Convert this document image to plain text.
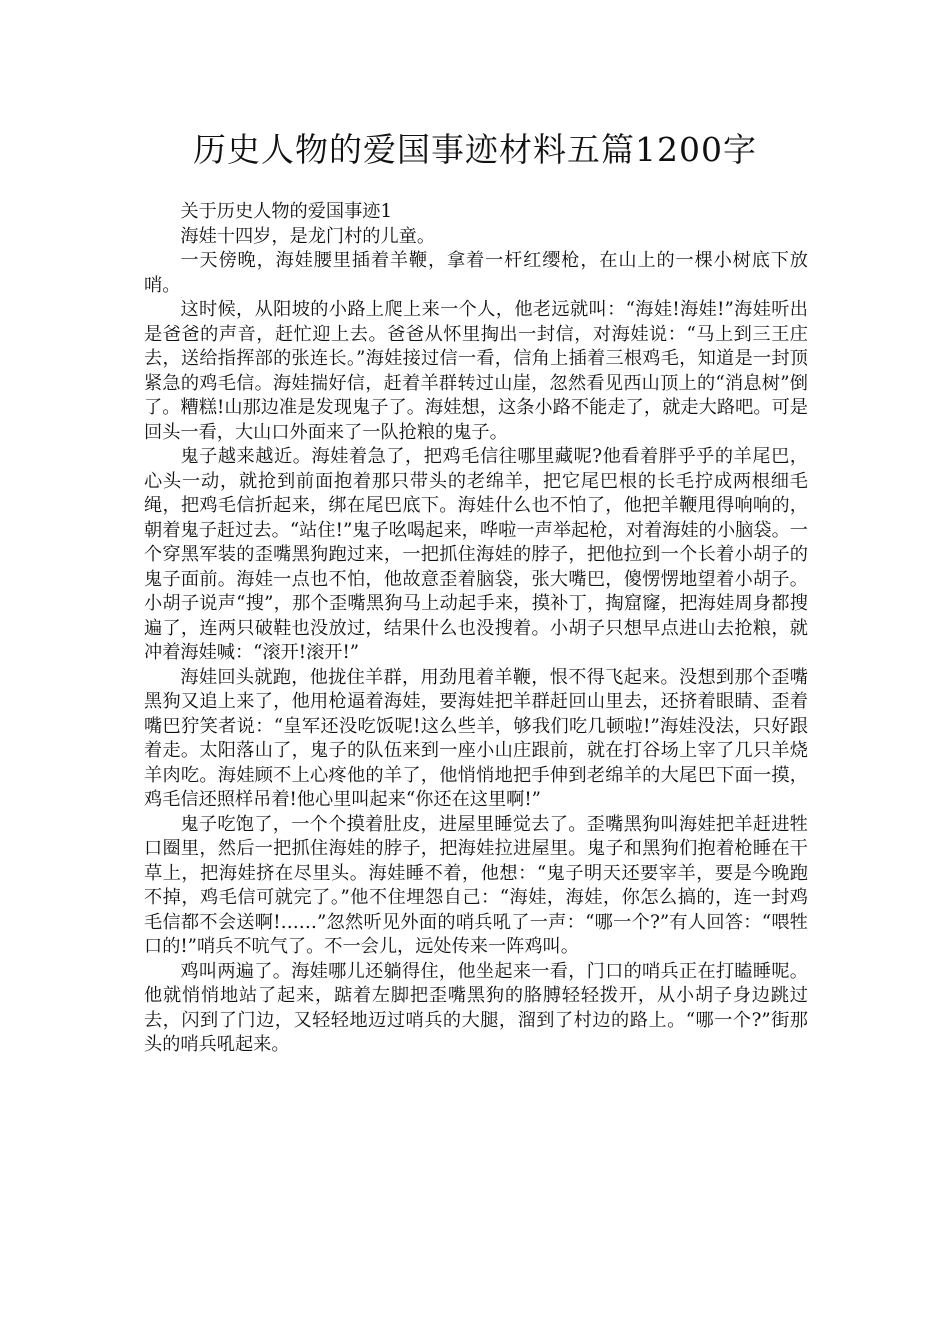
历史人物的爱国事迹材料五篇1200字

关于历史人物的爱国事迹1

海娃十四岁，是龙门村的儿童。

一天傍晚，海娃腰里插着羊鞭，拿着一杆红缨枪，在山上的一棵小树底下放哨。

这时候，从阳坡的小路上爬上来一个人，他老远就叫：“海娃!海娃!”海娃听出是爸爸的声音，赶忙迎上去。爸爸从怀里掏出一封信，对海娃说：“马上到三王庄去，送给指挥部的张连长。”海娃接过信一看，信角上插着三根鸡毛，知道是一封顶紧急的鸡毛信。海娃揣好信，赶着羊群转过山崖，忽然看见西山顶上的“消息树”倒了。糟糕!山那边准是发现鬼子了。海娃想，这条小路不能走了，就走大路吧。可是回头一看，大山口外面来了一队抢粮的鬼子。

鬼子越来越近。海娃着急了，把鸡毛信往哪里藏呢?他看着胖乎乎的羊尾巴，心头一动，就抢到前面抱着那只带头的老绵羊，把它尾巴根的长毛拧成两根细毛绳，把鸡毛信折起来，绑在尾巴底下。海娃什么也不怕了，他把羊鞭甩得响响的，朝着鬼子赶过去。“站住!”鬼子吆喝起来，哗啦一声举起枪，对着海娃的小脑袋。一个穿黑军装的歪嘴黑狗跑过来，一把抓住海娃的脖子，把他拉到一个长着小胡子的鬼子面前。海娃一点也不怕，他故意歪着脑袋，张大嘴巴，傻愣愣地望着小胡子。小胡子说声“搜”，那个歪嘴黑狗马上动起手来，摸补丁，掏窟窿，把海娃周身都搜遍了，连两只破鞋也没放过，结果什么也没搜着。小胡子只想早点进山去抢粮，就冲着海娃喊：“滚开!滚开!”

海娃回头就跑，他拢住羊群，用劲甩着羊鞭，恨不得飞起来。没想到那个歪嘴黑狗又追上来了，他用枪逼着海娃，要海娃把羊群赶回山里去，还挤着眼睛、歪着嘴巴狞笑者说：“皇军还没吃饭呢!这么些羊，够我们吃几顿啦!”海娃没法，只好跟着走。太阳落山了，鬼子的队伍来到一座小山庄跟前，就在打谷场上宰了几只羊烧羊肉吃。海娃顾不上心疼他的羊了，他悄悄地把手伸到老绵羊的大尾巴下面一摸，鸡毛信还照样吊着!他心里叫起来“你还在这里啊!”

鬼子吃饱了，一个个摸着肚皮，进屋里睡觉去了。歪嘴黑狗叫海娃把羊赶进牲口圈里，然后一把抓住海娃的脖子，把海娃拉进屋里。鬼子和黑狗们抱着枪睡在干草上，把海娃挤在尽里头。海娃睡不着，他想：“鬼子明天还要宰羊，要是今晚跑不掉，鸡毛信可就完了。”他不住埋怨自己：“海娃，海娃，你怎么搞的，连一封鸡毛信都不会送啊!……”忽然听见外面的哨兵吼了一声：“哪一个?”有人回答：“喂牲口的!”哨兵不吭气了。不一会儿，远处传来一阵鸡叫。

鸡叫两遍了。海娃哪儿还躺得住，他坐起来一看，门口的哨兵正在打瞌睡呢。他就悄悄地站了起来，踮着左脚把歪嘴黑狗的胳膊轻轻拨开，从小胡子身边跳过去，闪到了门边，又轻轻地迈过哨兵的大腿，溜到了村边的路上。“哪一个?”街那头的哨兵吼起来。
